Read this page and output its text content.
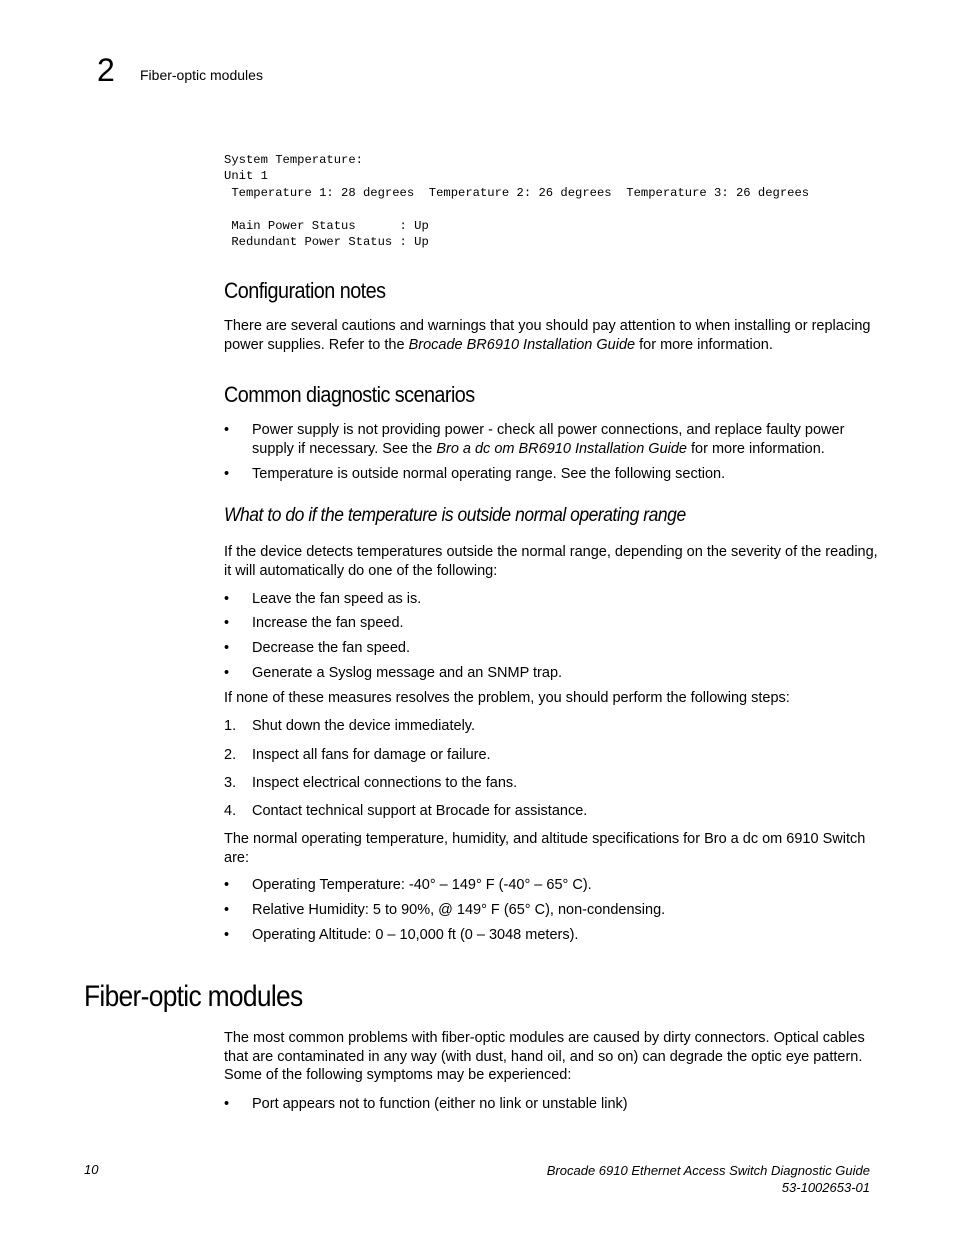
2 Fiber-optic modules
System Temperature:
Unit 1
Temperature 1: 28 degrees  Temperature 2: 26 degrees  Temperature 3: 26 degrees

Main Power Status      : Up
Redundant Power Status : Up
Configuration notes
There are several cautions and warnings that you should pay attention to when installing or replacing power supplies. Refer to the Brocade BR6910 Installation Guide for more information.
Common diagnostic scenarios
•	Power supply is not providing power - check all power connections, and replace faulty power supply if necessary. See the Bro a dc om BR6910 Installation Guide for more information.
•	Temperature is outside normal operating range. See the following section.
What to do if the temperature is outside normal operating range
If the device detects temperatures outside the normal range, depending on the severity of the reading, it will automatically do one of the following:
•	Leave the fan speed as is.
•	Increase the fan speed.
•	Decrease the fan speed.
•	Generate a Syslog message and an SNMP trap.
If none of these measures resolves the problem, you should perform the following steps:
1.	Shut down the device immediately.
2.	Inspect all fans for damage or failure.
3.	Inspect electrical connections to the fans.
4.	Contact technical support at Brocade for assistance.
The normal operating temperature, humidity, and altitude specifications for Bro a dc om 6910 Switch are:
•	Operating Temperature: -40° – 149° F (-40° – 65° C).
•	Relative Humidity: 5 to 90%, @ 149° F (65° C), non-condensing.
•	Operating Altitude: 0 – 10,000 ft (0 – 3048 meters).
Fiber-optic modules
The most common problems with fiber-optic modules are caused by dirty connectors. Optical cables that are contaminated in any way (with dust, hand oil, and so on) can degrade the optic eye pattern. Some of the following symptoms may be experienced:
•	Port appears not to function (either no link or unstable link)
10	Brocade 6910 Ethernet Access Switch Diagnostic Guide
53-1002653-01
